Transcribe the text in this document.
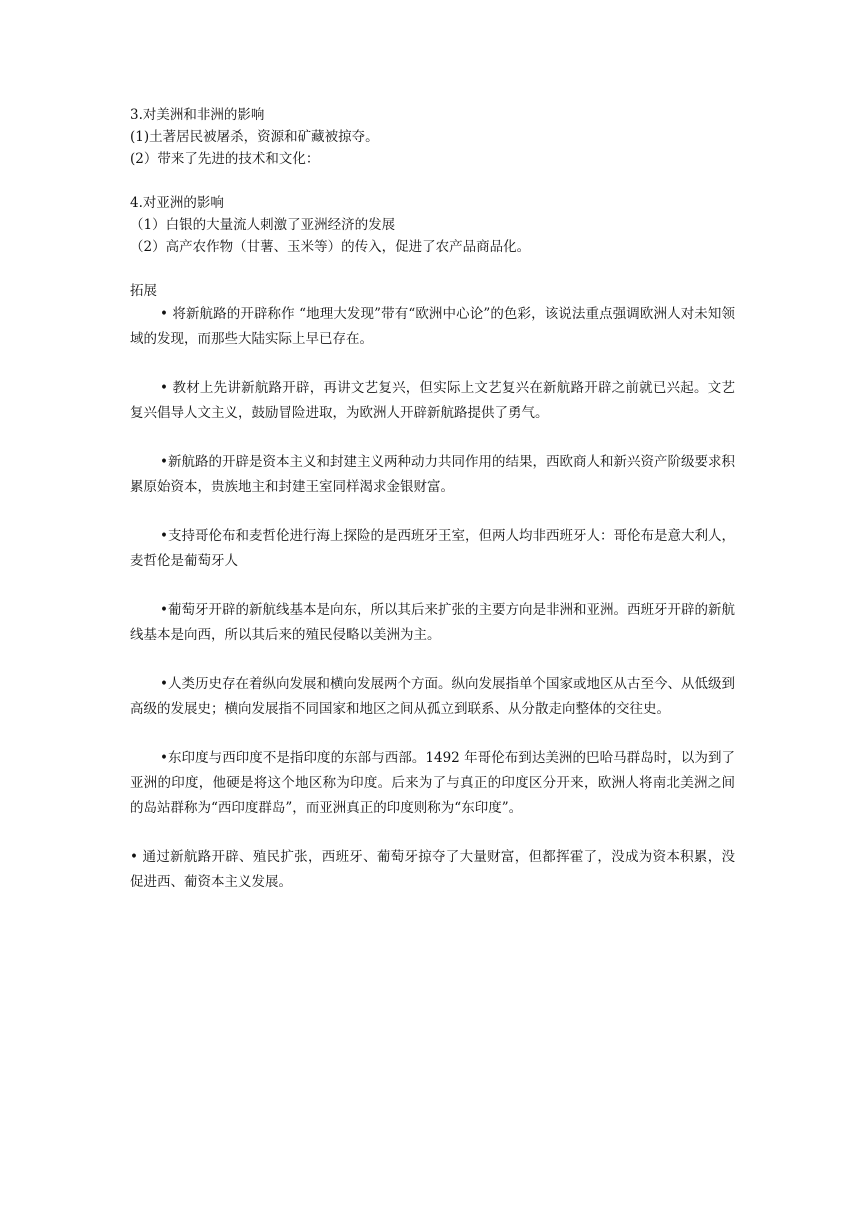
3.对美洲和非洲的影响
(1)土著居民被屠杀，资源和矿藏被掠夺。
(2）带来了先进的技术和文化：
4.对亚洲的影响
（1）白银的大量流人刺激了亚洲经济的发展
（2）高产农作物（甘薯、玉米等）的传入，促进了农产品商品化。
拓展
• 将新航路的开辟称作 “地理大发现”带有“欧洲中心论”的色彩，该说法重点强调欧洲人对未知领域的发现，而那些大陆实际上早已存在。
• 教材上先讲新航路开辟，再讲文艺复兴，但实际上文艺复兴在新航路开辟之前就已兴起。文艺复兴倡导人文主义，鼓励冒险进取，为欧洲人开辟新航路提供了勇气。
•新航路的开辟是资本主义和封建主义两种动力共同作用的结果，西欧商人和新兴资产阶级要求积累原始资本，贵族地主和封建王室同样渴求金银财富。
•支持哥伦布和麦哲伦进行海上探险的是西班牙王室，但两人均非西班牙人：哥伦布是意大利人，麦哲伦是葡萄牙人
•葡萄牙开辟的新航线基本是向东，所以其后来扩张的主要方向是非洲和亚洲。西班牙开辟的新航线基本是向西，所以其后来的殖民侵略以美洲为主。
•人类历史存在着纵向发展和横向发展两个方面。纵向发展指单个国家或地区从古至今、从低级到高级的发展史；横向发展指不同国家和地区之间从孤立到联系、从分散走向整体的交往史。
•东印度与西印度不是指印度的东部与西部。1492 年哥伦布到达美洲的巴哈马群岛时，以为到了亚洲的印度，他硬是将这个地区称为印度。后来为了与真正的印度区分开来，欧洲人将南北美洲之间的岛站群称为“西印度群岛”，而亚洲真正的印度则称为“东印度”。
• 通过新航路开辟、殖民扩张，西班牙、葡萄牙掠夺了大量财富，但都挥霍了，没成为资本积累，没促进西、葡资本主义发展。
